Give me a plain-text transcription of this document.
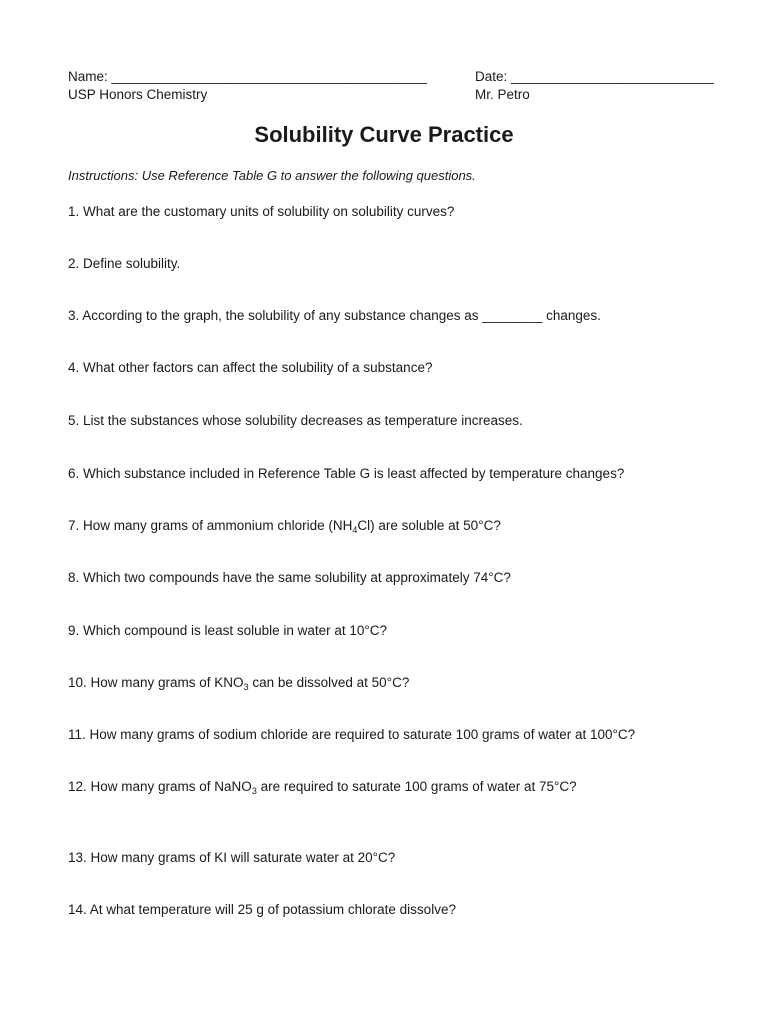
Name: __________________________________________
USP Honors Chemistry
Date: ___________________________
Mr. Petro
Solubility Curve Practice
Instructions: Use Reference Table G to answer the following questions.
1. What are the customary units of solubility on solubility curves?
2. Define solubility.
3. According to the graph, the solubility of any substance changes as ________ changes.
4. What other factors can affect the solubility of a substance?
5. List the substances whose solubility decreases as temperature increases.
6. Which substance included in Reference Table G is least affected by temperature changes?
7. How many grams of ammonium chloride $(NH_4Cl)$ are soluble at 50°C?
8. Which two compounds have the same solubility at approximately 74°C?
9. Which compound is least soluble in water at 10°C?
10. How many grams of $KNO_3$ can be dissolved at 50°C?
11. How many grams of sodium chloride are required to saturate 100 grams of water at 100°C?
12. How many grams of NaNO$_3$ are required to saturate 100 grams of water at 75°C?
13. How many grams of KI will saturate water at 20°C?
14. At what temperature will 25 g of potassium chlorate dissolve?
